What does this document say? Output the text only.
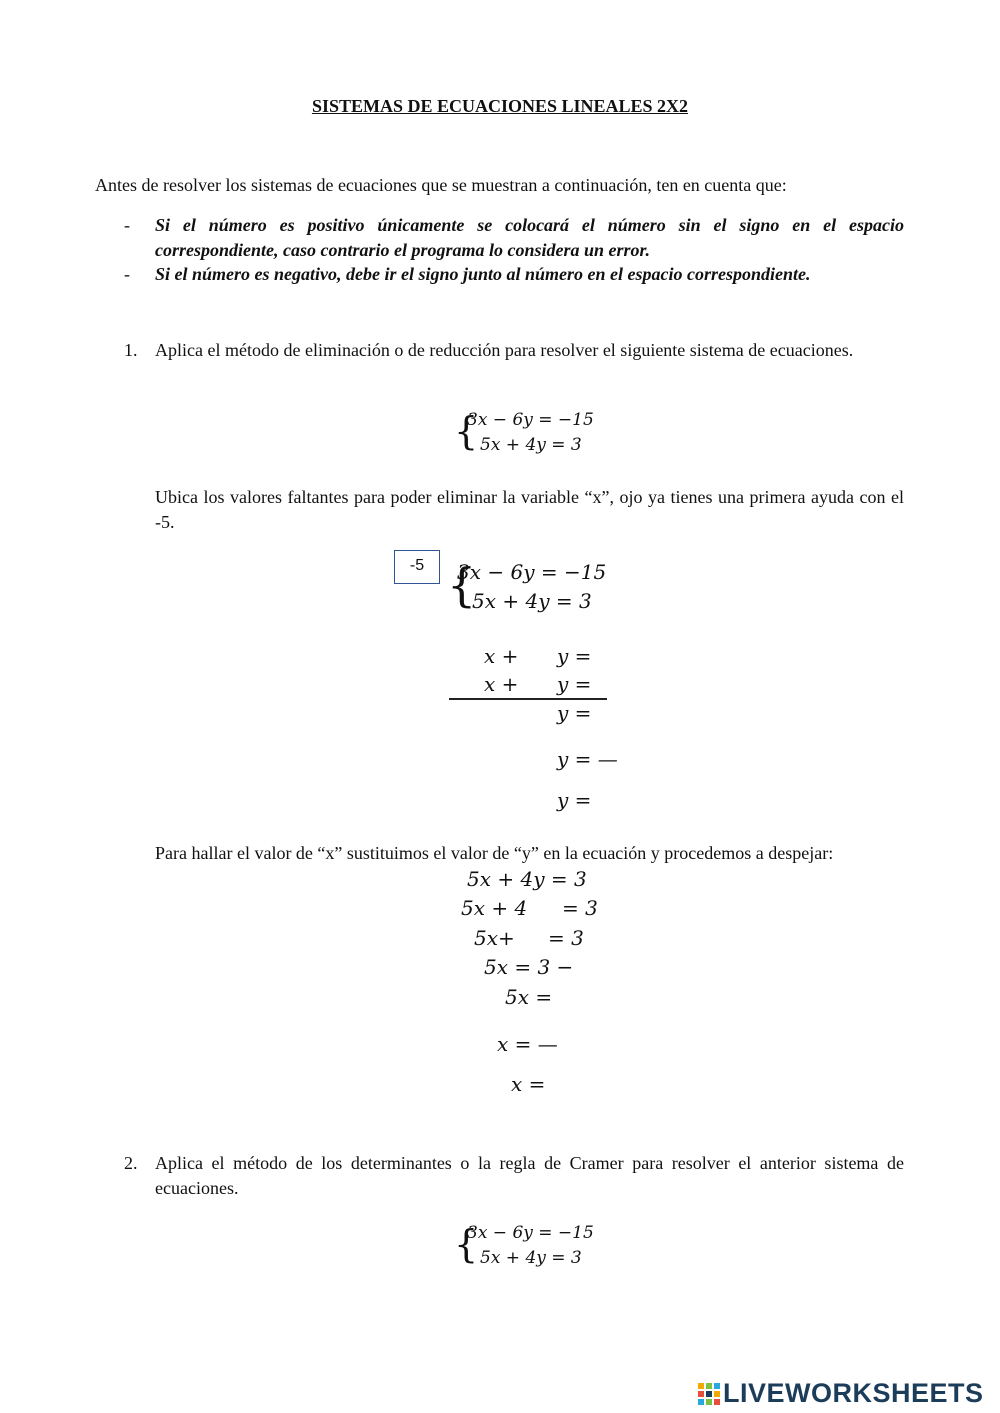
SISTEMAS DE ECUACIONES LINEALES 2X2
Antes de resolver los sistemas de ecuaciones que se muestran a continuación, ten en cuenta que:
- Si el número es positivo únicamente se colocará el número sin el signo en el espacio correspondiente, caso contrario el programa lo considera un error.
- Si el número es negativo, debe ir el signo junto al número en el espacio correspondiente.
1. Aplica el método de eliminación o de reducción para resolver el siguiente sistema de ecuaciones.
{
3x − 6y = −15
5x + 4y = 3
Ubica los valores faltantes para poder eliminar la variable “x”, ojo ya tienes una primera ayuda con el -5.
-5 {
3x − 6y = −15
5x + 4y = 3
x + y =
x + y =
y =
y = —
y =
Para hallar el valor de “x” sustituimos el valor de “y” en la ecuación y procedemos a despejar:
5x + 4y = 3
5x + 4 = 3
5x+ = 3
5x = 3 −
5x =
x = —
x =
2. Aplica el método de los determinantes o la regla de Cramer para resolver el anterior sistema de ecuaciones.
{
3x − 6y = −15
5x + 4y = 3
LIVEWORKSHEETS
